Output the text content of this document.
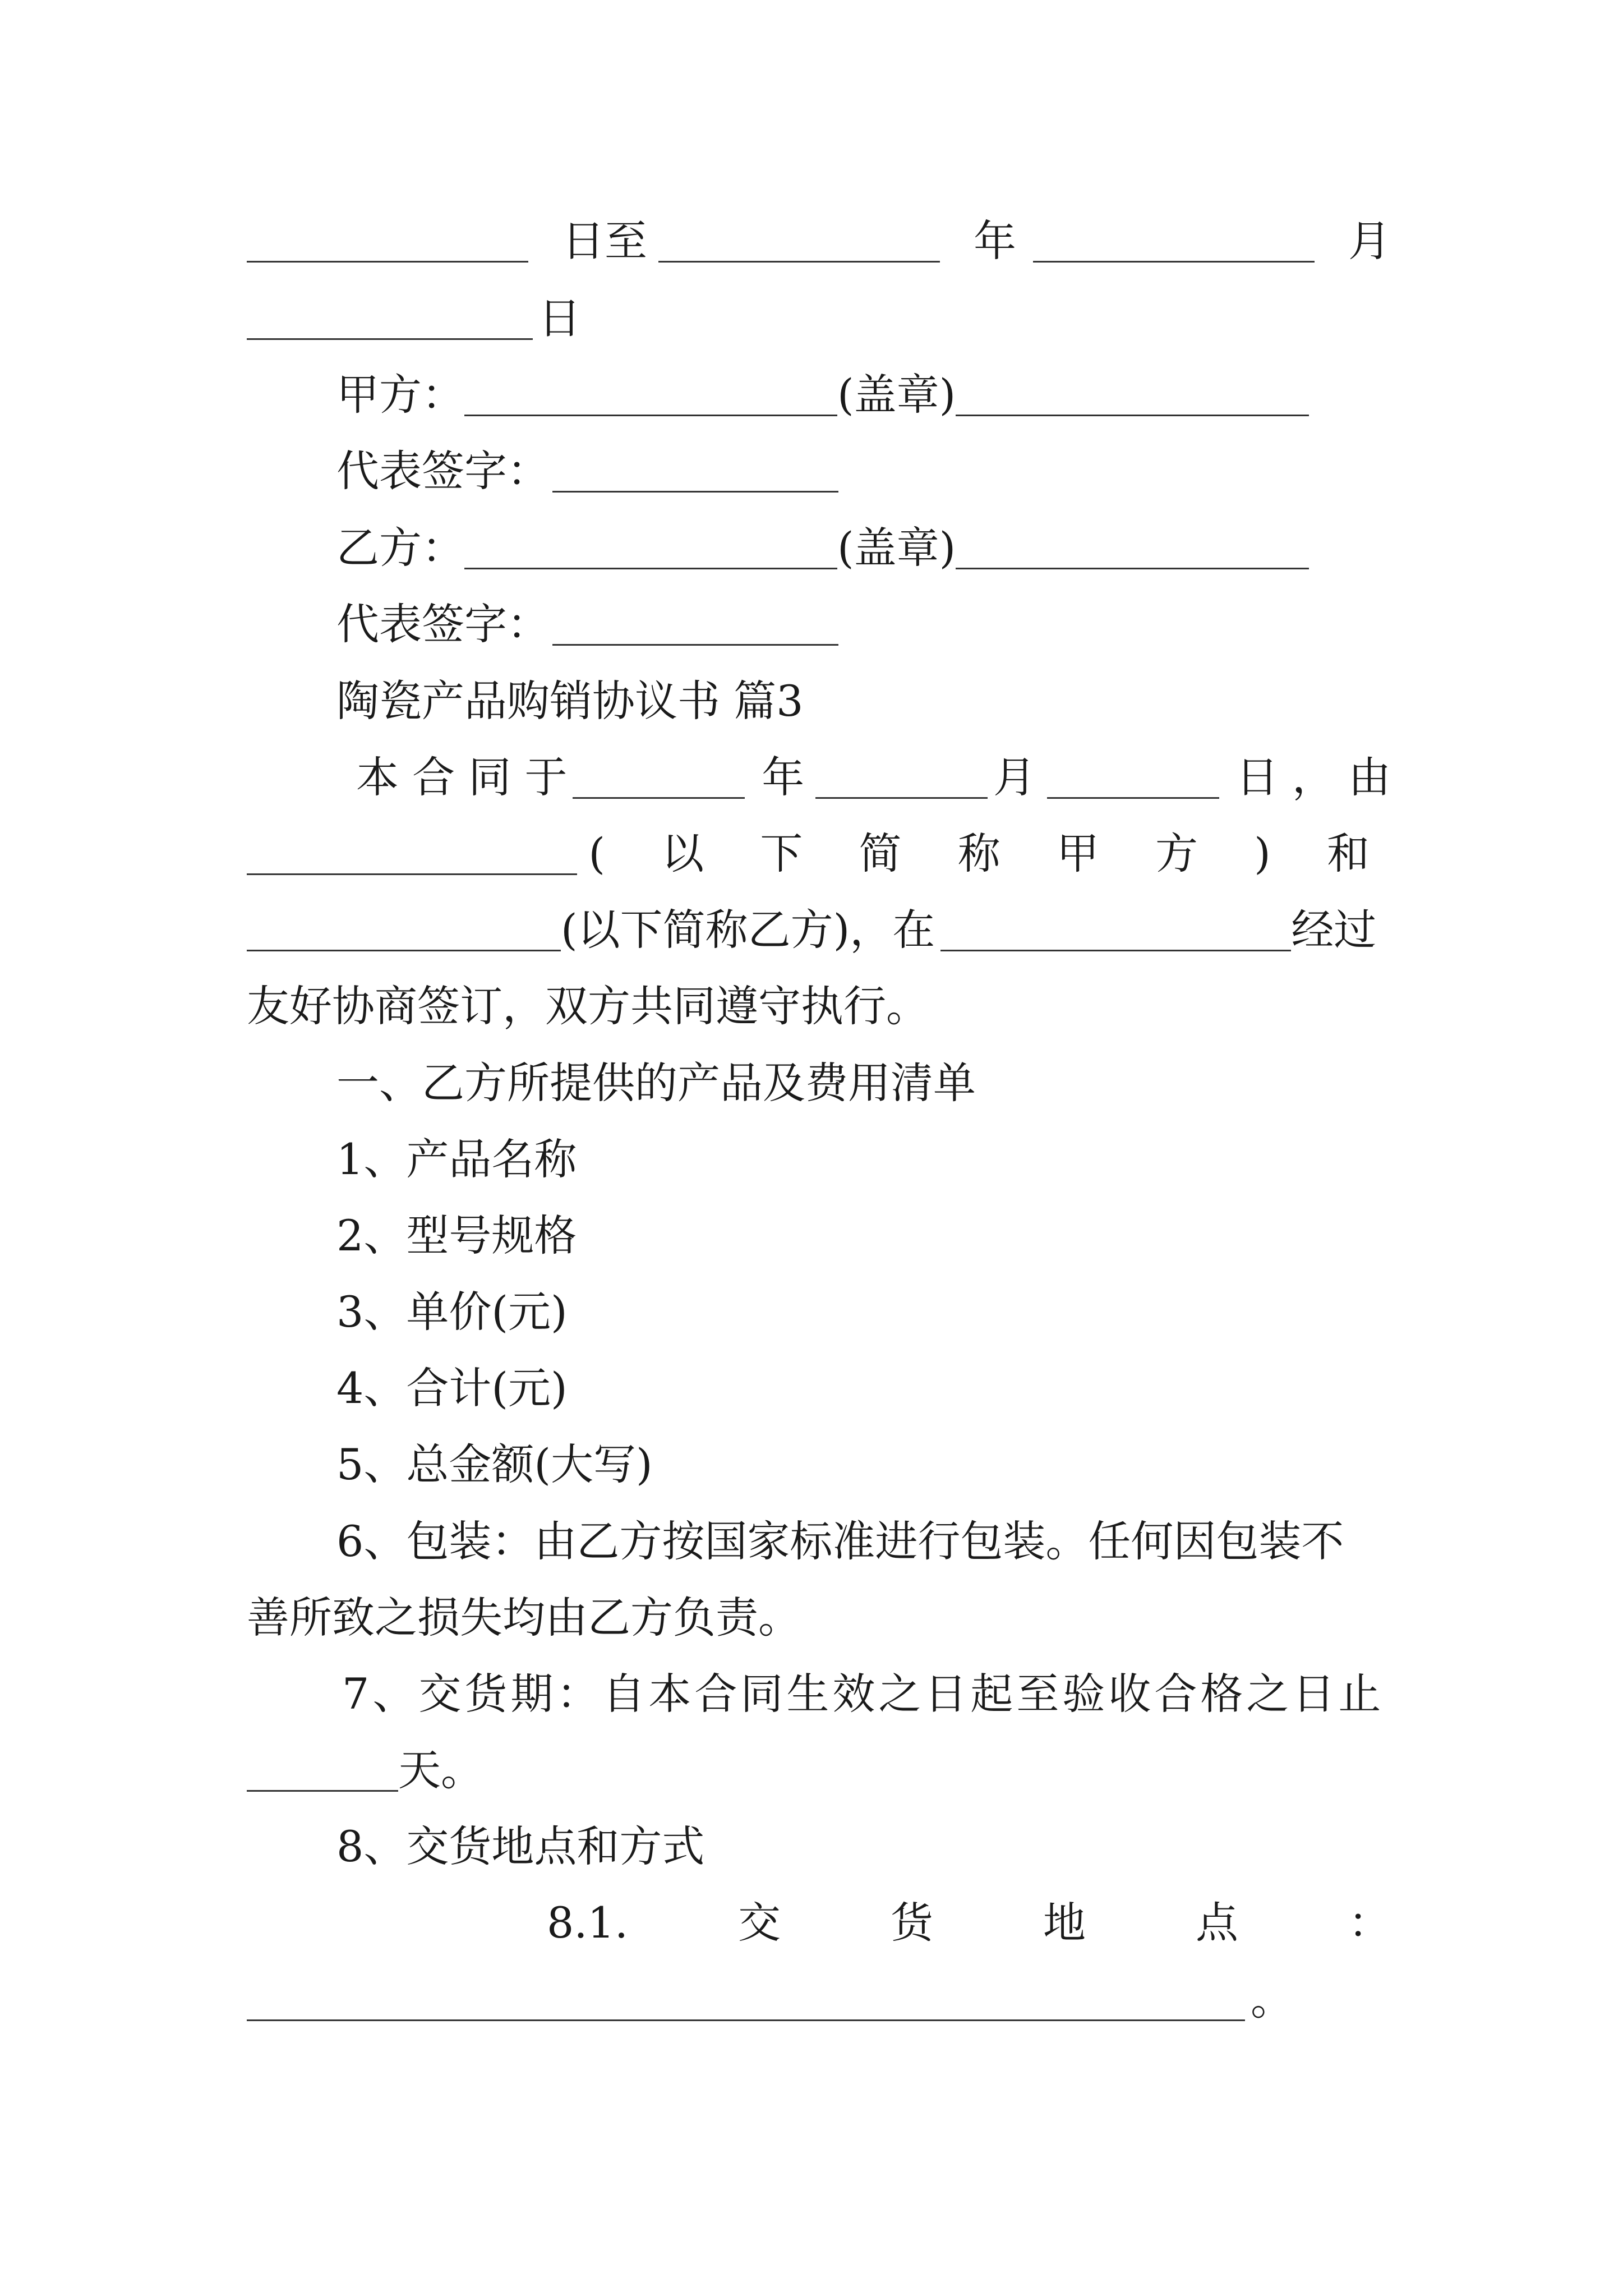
日至	年	月
日
甲方：	(盖章)
代表签字：
乙方：	(盖章)
代表签字：
陶瓷产品购销协议书 篇3
本 合 同 于	年	月	日 ， 由
( 以 下 简 称 甲 方 ) 和
(以下简称乙方)，在	经过
友好协商签订，双方共同遵守执行。
一、乙方所提供的产品及费用清单
1、产品名称
2、型号规格
3、单价(元)
4、合计(元)
5、总金额(大写)
6、包装：由乙方按国家标准进行包装。任何因包装不
善所致之损失均由乙方负责。
7、交货期：自本合同生效之日起至验收合格之日止
天。
8、交货地点和方式
8.1.	交	货	地	点	：
。
